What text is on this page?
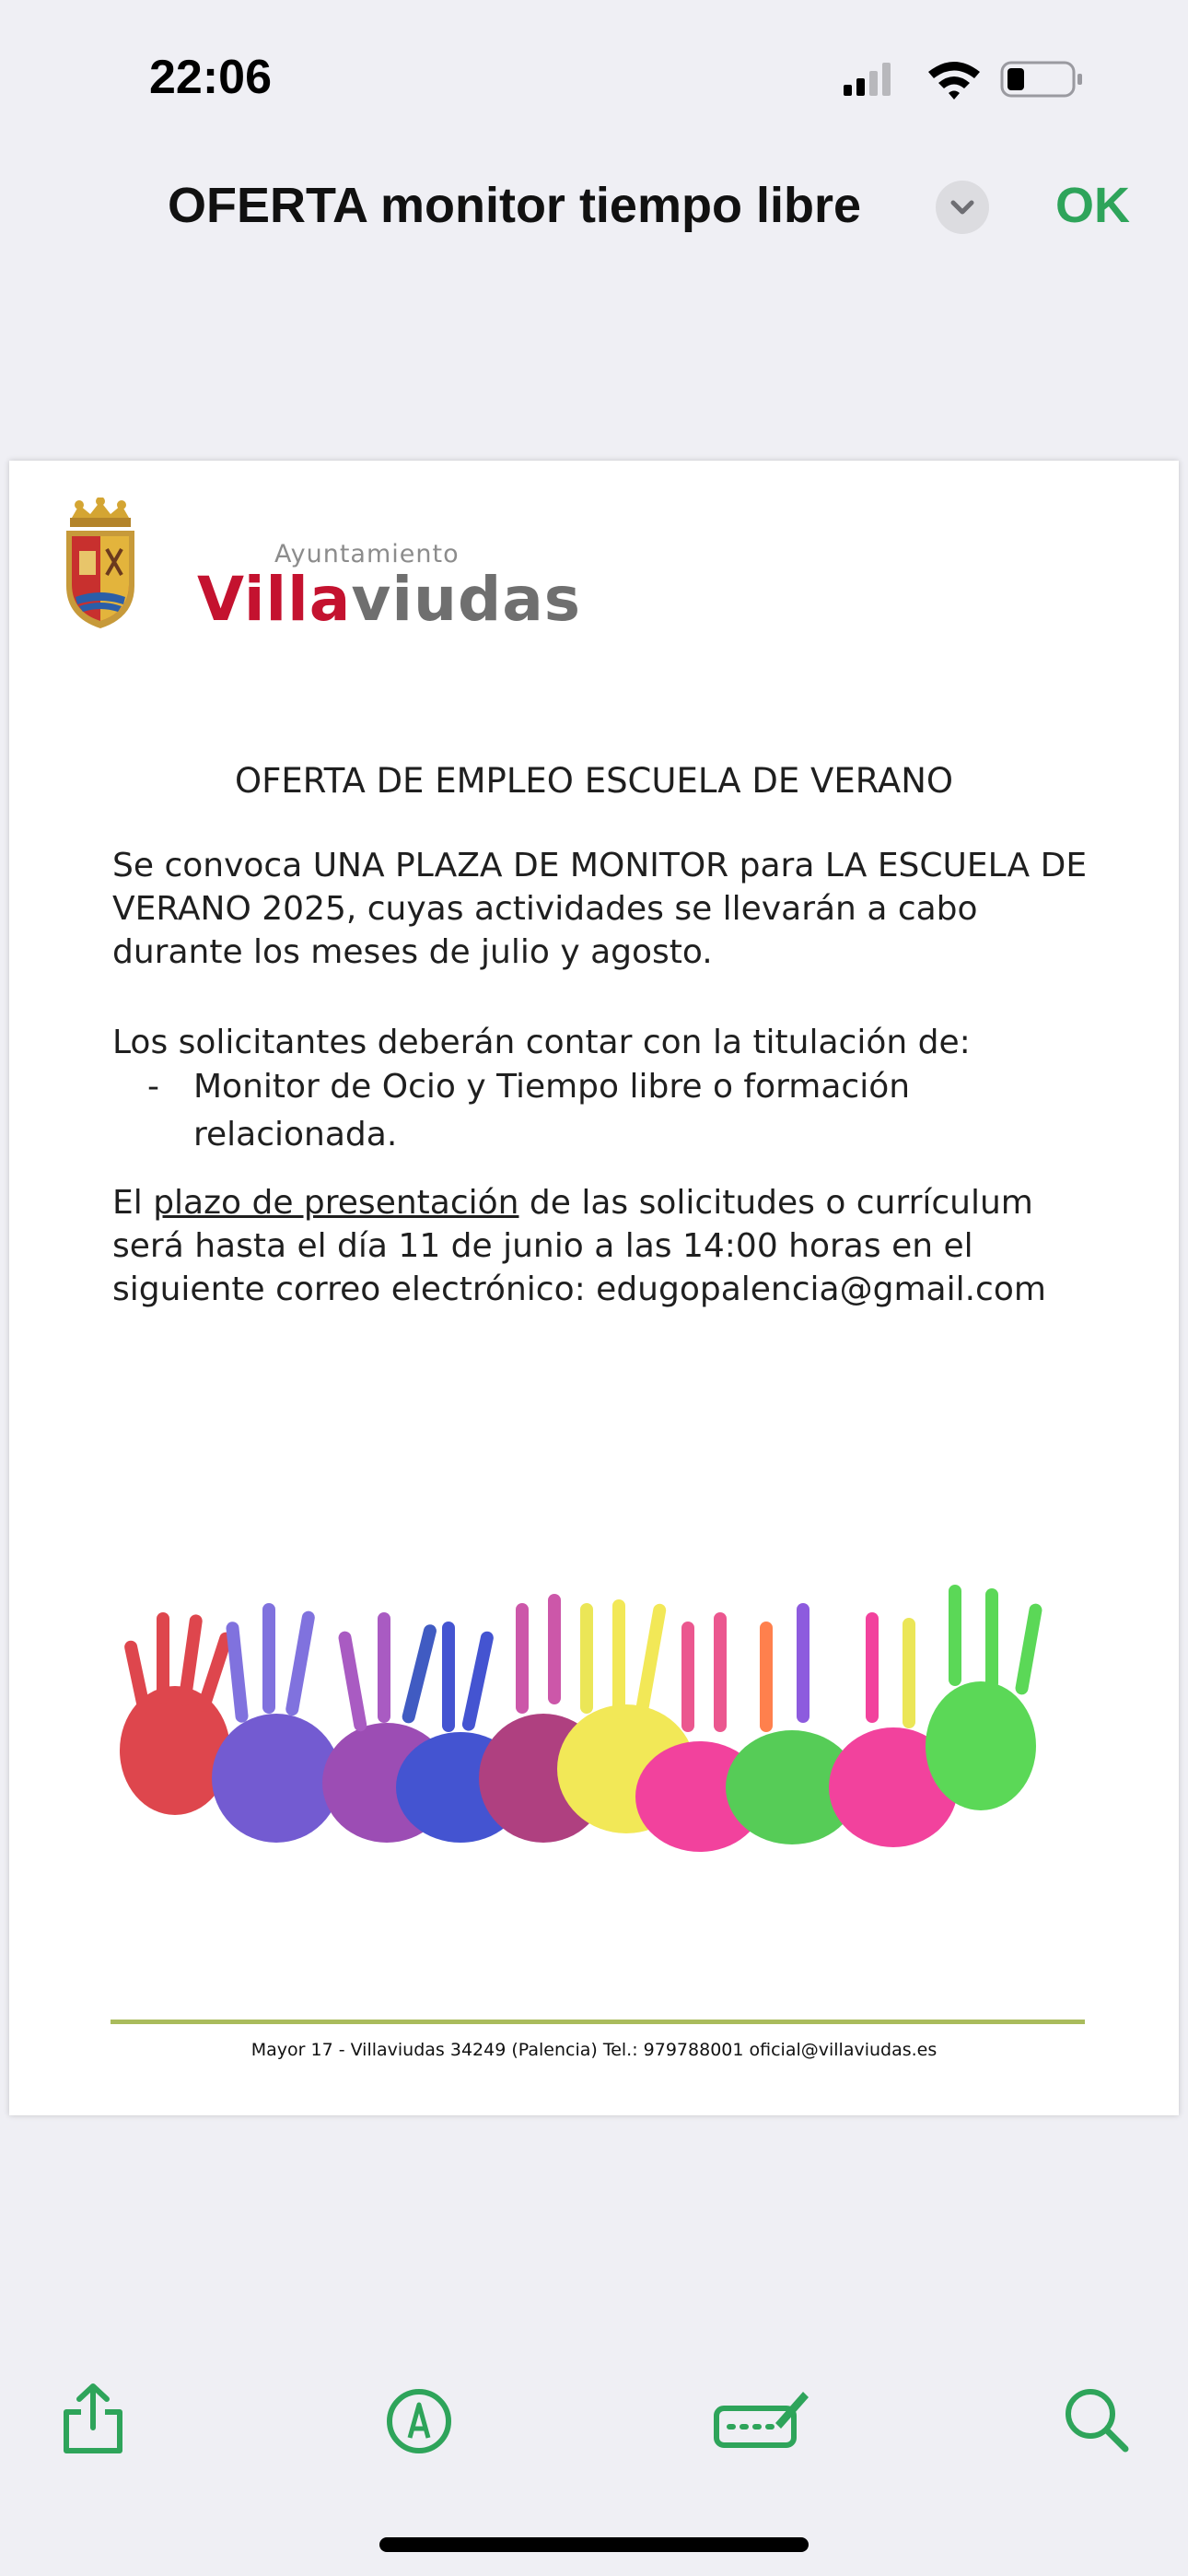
22:06
OFERTA monitor tiempo libre	OK
Ayuntamiento
Villaviudas
OFERTA DE EMPLEO ESCUELA DE VERANO
Se convoca UNA PLAZA DE MONITOR para LA ESCUELA DE VERANO 2025, cuyas actividades se llevarán a cabo durante los meses de julio y agosto.
Los solicitantes deberán contar con la titulación de:
- Monitor de Ocio y Tiempo libre o formación relacionada.
El plazo de presentación de las solicitudes o currículum será hasta el día 11 de junio a las 14:00 horas en el siguiente correo electrónico: edugopalencia@gmail.com
Mayor 17 - Villaviudas 34249 (Palencia) Tel.: 979788001 oficial@villaviudas.es
